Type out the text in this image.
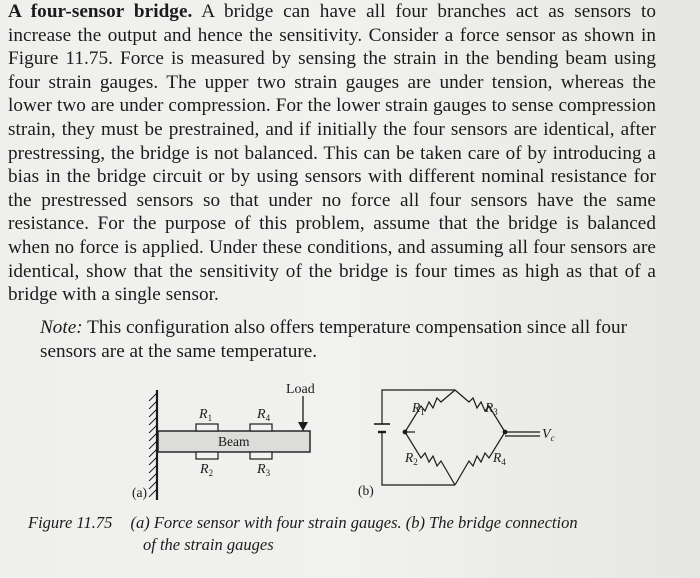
A four-sensor bridge. A bridge can have all four branches act as sensors to increase the output and hence the sensitivity. Consider a force sensor as shown in Figure 11.75. Force is measured by sensing the strain in the bending beam using four strain gauges. The upper two strain gauges are under tension, whereas the lower two are under compression. For the lower strain gauges to sense compression strain, they must be prestrained, and if initially the four sensors are identical, after prestressing, the bridge is not balanced. This can be taken care of by introducing a bias in the bridge circuit or by using sensors with different nominal resistance for the prestressed sensors so that under no force all four sensors have the same resistance. For the purpose of this problem, assume that the bridge is balanced when no force is applied. Under these conditions, and assuming all four sensors are identical, show that the sensitivity of the bridge is four times as high as that of a bridge with a single sensor.
Note: This configuration also offers temperature compensation since all four sensors are at the same temperature.
Load
Beam
$R_1$	$R_4$
$R_2$	$R_3$
(a)
$R_1$	$R_3$
$R_2$	$R_4$
$V_c$
(b)
Figure 11.75 (a) Force sensor with four strain gauges. (b) The bridge connection
of the strain gauges
